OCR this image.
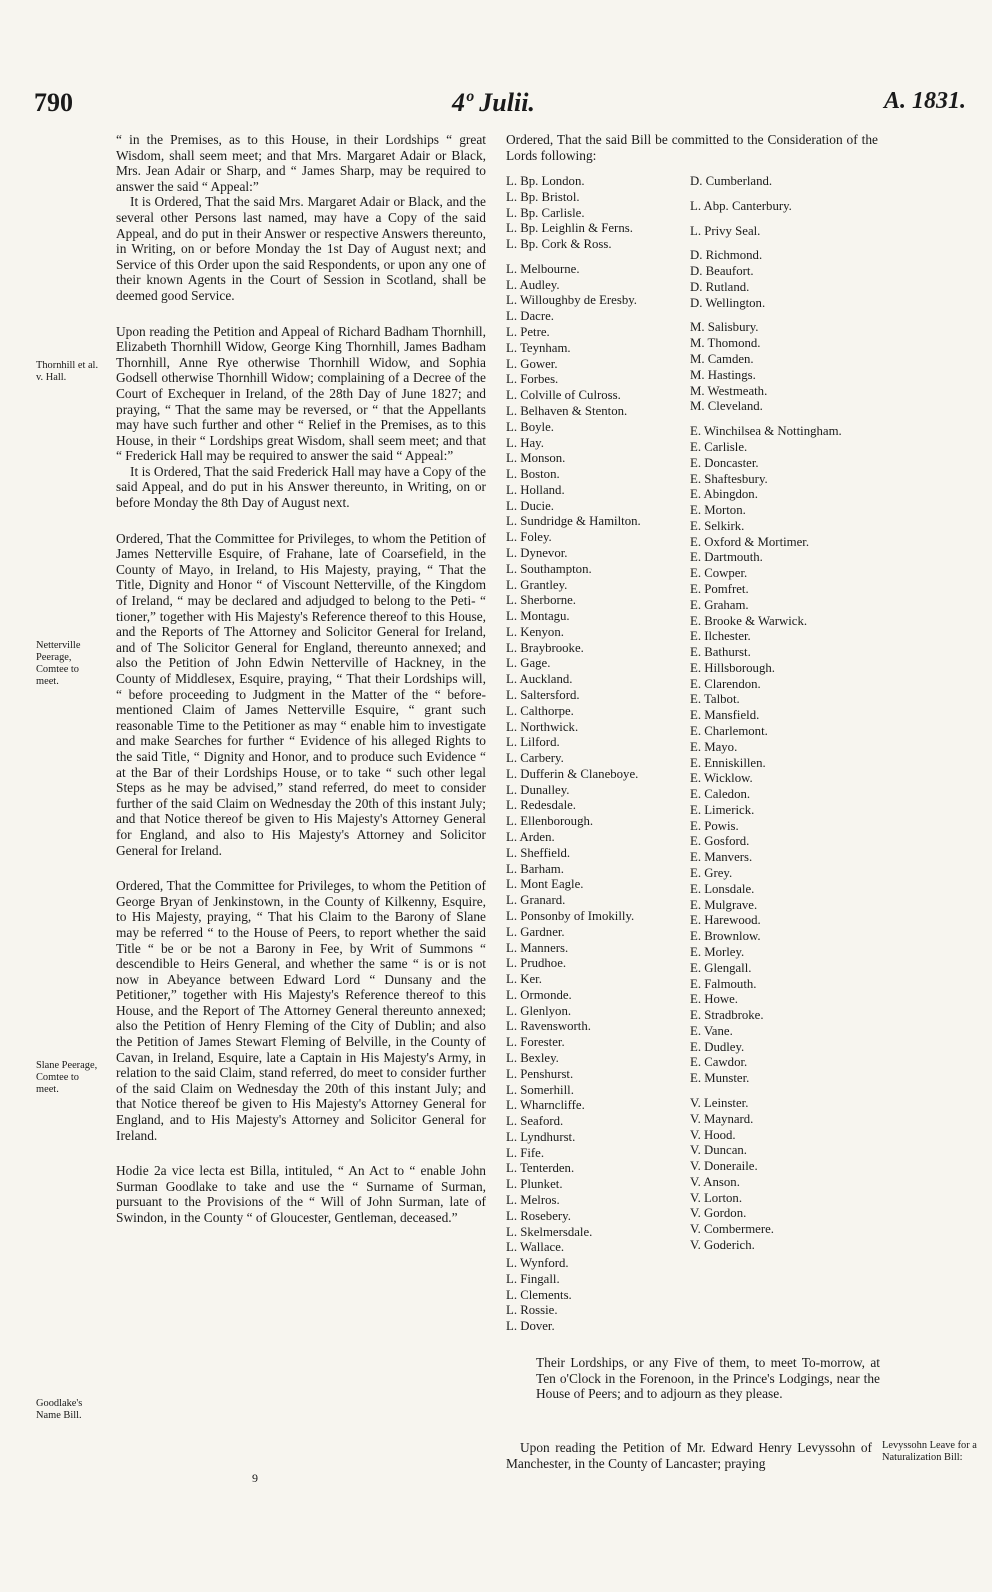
790	4º Julii.	A. 1831.
Thornhill et al. v. Hall.
Netterville Peerage, Comtee to meet.
Slane Peerage, Comtee to meet.
Goodlake's Name Bill.

“ in the Premises, as to this House, in their Lordships “ great Wisdom, shall seem meet; and that Mrs. Margaret Adair or Black, Mrs. Jean Adair or Sharp, and “ James Sharp, may be required to answer the said “ Appeal:”

It is Ordered, That the said Mrs. Margaret Adair or Black, and the several other Persons last named, may have a Copy of the said Appeal, and do put in their Answer or respective Answers thereunto, in Writing, on or before Monday the 1st Day of August next; and Service of this Order upon the said Respondents, or upon any one of their known Agents in the Court of Session in Scotland, shall be deemed good Service.

Upon reading the Petition and Appeal of Richard Badham Thornhill, Elizabeth Thornhill Widow, George King Thornhill, James Badham Thornhill, Anne Rye otherwise Thornhill Widow, and Sophia Godsell otherwise Thornhill Widow; complaining of a Decree of the Court of Exchequer in Ireland, of the 28th Day of June 1827; and praying, “ That the same may be reversed, or “ that the Appellants may have such further and other “ Relief in the Premises, as to this House, in their “ Lordships great Wisdom, shall seem meet; and that “ Frederick Hall may be required to answer the said “ Appeal:”

It is Ordered, That the said Frederick Hall may have a Copy of the said Appeal, and do put in his Answer thereunto, in Writing, on or before Monday the 8th Day of August next.

Ordered, That the Committee for Privileges, to whom the Petition of James Netterville Esquire, of Frahane, late of Coarsefield, in the County of Mayo, in Ireland, to His Majesty, praying, “ That the Title, Dignity and Honor “ of Viscount Netterville, of the Kingdom of Ireland, “ may be declared and adjudged to belong to the Peti- “ tioner,” together with His Majesty's Reference thereof to this House, and the Reports of The Attorney and Solicitor General for Ireland, and of The Solicitor General for England, thereunto annexed; and also the Petition of John Edwin Netterville of Hackney, in the County of Middlesex, Esquire, praying, “ That their Lordships will, “ before proceeding to Judgment in the Matter of the “ before-mentioned Claim of James Netterville Esquire, “ grant such reasonable Time to the Petitioner as may “ enable him to investigate and make Searches for further “ Evidence of his alleged Rights to the said Title, “ Dignity and Honor, and to produce such Evidence “ at the Bar of their Lordships House, or to take “ such other legal Steps as he may be advised,” stand referred, do meet to consider further of the said Claim on Wednesday the 20th of this instant July; and that Notice thereof be given to His Majesty's Attorney General for England, and also to His Majesty's Attorney and Solicitor General for Ireland.

Ordered, That the Committee for Privileges, to whom the Petition of George Bryan of Jenkinstown, in the County of Kilkenny, Esquire, to His Majesty, praying, “ That his Claim to the Barony of Slane may be referred “ to the House of Peers, to report whether the said Title “ be or be not a Barony in Fee, by Writ of Summons “ descendible to Heirs General, and whether the same “ is or is not now in Abeyance between Edward Lord “ Dunsany and the Petitioner,” together with His Majesty's Reference thereof to this House, and the Report of The Attorney General thereunto annexed; also the Petition of Henry Fleming of the City of Dublin; and also the Petition of James Stewart Fleming of Belville, in the County of Cavan, in Ireland, Esquire, late a Captain in His Majesty's Army, in relation to the said Claim, stand referred, do meet to consider further of the said Claim on Wednesday the 20th of this instant July; and that Notice thereof be given to His Majesty's Attorney General for England, and to His Majesty's Attorney and Solicitor General for Ireland.

Hodie 2a vice lecta est Billa, intituled, “ An Act to “ enable John Surman Goodlake to take and use the “ Surname of Surman, pursuant to the Provisions of the “ Will of John Surman, late of Swindon, in the County “ of Gloucester, Gentleman, deceased.”

9
Ordered, That the said Bill be committed to the Consideration of the Lords following:
L. Bp. London.
L. Bp. Bristol.
L. Bp. Carlisle.
L. Bp. Leighlin & Ferns.
L. Bp. Cork & Ross.
L. Melbourne.
L. Audley.
L. Willoughby de Eresby.
L. Dacre.
L. Petre.
L. Teynham.
L. Gower.
L. Forbes.
L. Colville of Culross.
L. Belhaven & Stenton.
L. Boyle.
L. Hay.
L. Monson.
L. Boston.
L. Holland.
L. Ducie.
L. Sundridge & Hamilton.
L. Foley.
L. Dynevor.
L. Southampton.
L. Grantley.
L. Sherborne.
L. Montagu.
L. Kenyon.
L. Braybrooke.
L. Gage.
L. Auckland.
L. Saltersford.
L. Calthorpe.
L. Northwick.
L. Lilford.
L. Carbery.
L. Dufferin & Claneboye.
L. Dunalley.
L. Redesdale.
L. Ellenborough.
L. Arden.
L. Sheffield.
L. Barham.
L. Mont Eagle.
L. Granard.
L. Ponsonby of Imokilly.
L. Gardner.
L. Manners.
L. Prudhoe.
L. Ker.
L. Ormonde.
L. Glenlyon.
L. Ravensworth.
L. Forester.
L. Bexley.
L. Penshurst.
L. Somerhill.
L. Wharncliffe.
L. Seaford.
L. Lyndhurst.
L. Fife.
L. Tenterden.
L. Plunket.
L. Melros.
L. Rosebery.
L. Skelmersdale.
L. Wallace.
L. Wynford.
L. Fingall.
L. Clements.
L. Rossie.
L. Dover.
D. Cumberland.
L. Abp. Canterbury.
L. Privy Seal.
D. Richmond.
D. Beaufort.
D. Rutland.
D. Wellington.
M. Salisbury.
M. Thomond.
M. Camden.
M. Hastings.
M. Westmeath.
M. Cleveland.
E. Winchilsea & Nottingham.
E. Carlisle.
E. Doncaster.
E. Shaftesbury.
E. Abingdon.
E. Morton.
E. Selkirk.
E. Oxford & Mortimer.
E. Dartmouth.
E. Cowper.
E. Pomfret.
E. Graham.
E. Brooke & Warwick.
E. Ilchester.
E. Bathurst.
E. Hillsborough.
E. Clarendon.
E. Talbot.
E. Mansfield.
E. Charlemont.
E. Mayo.
E. Enniskillen.
E. Wicklow.
E. Caledon.
E. Limerick.
E. Powis.
E. Gosford.
E. Manvers.
E. Grey.
E. Lonsdale.
E. Mulgrave.
E. Harewood.
E. Brownlow.
E. Morley.
E. Glengall.
E. Falmouth.
E. Howe.
E. Stradbroke.
E. Vane.
E. Dudley.
E. Cawdor.
E. Munster.
V. Leinster.
V. Maynard.
V. Hood.
V. Duncan.
V. Doneraile.
V. Anson.
V. Lorton.
V. Gordon.
V. Combermere.
V. Goderich.
Their Lordships, or any Five of them, to meet To-morrow, at Ten o'Clock in the Forenoon, in the Prince's Lodgings, near the House of Peers; and to adjourn as they please.
Upon reading the Petition of Mr. Edward Henry Levyssohn of Manchester, in the County of Lancaster; praying
Levyssohn Leave for a Naturalization Bill:
